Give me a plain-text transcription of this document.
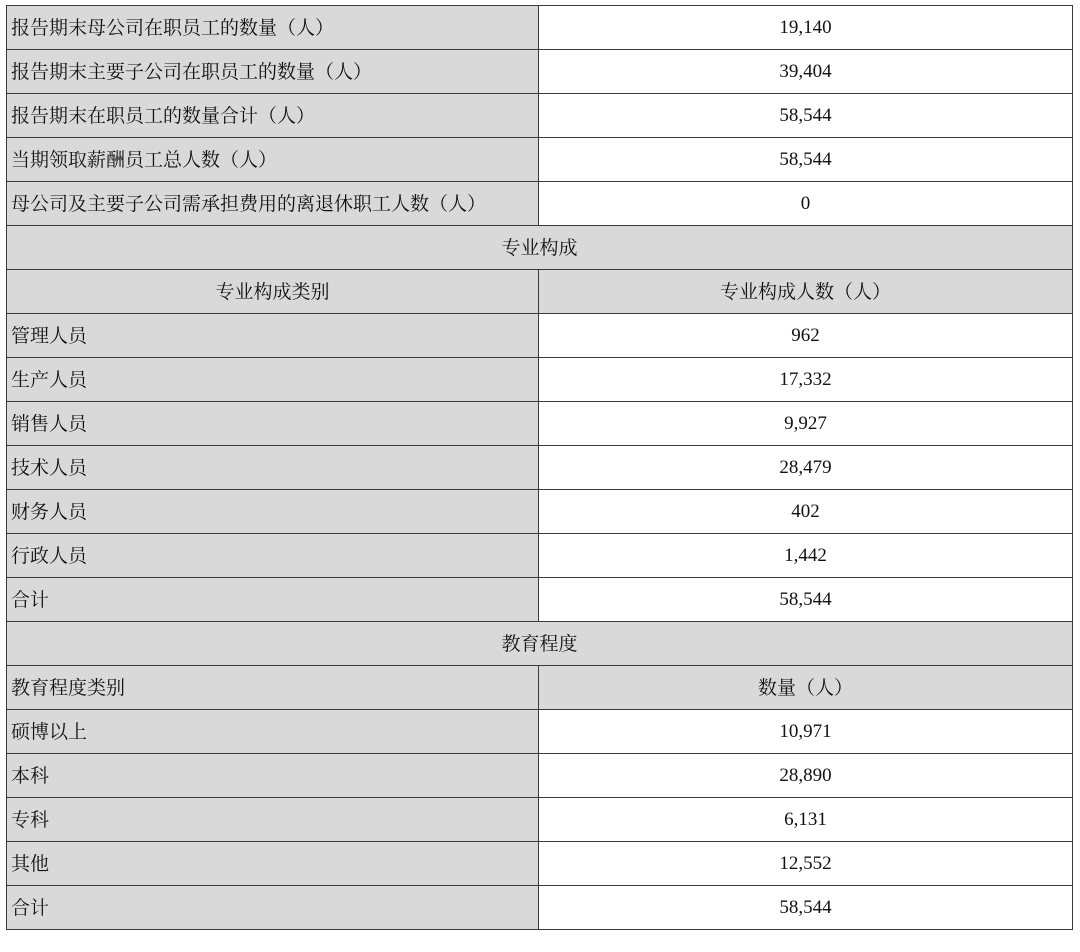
报告期末母公司在职员工的数量（人）	19,140
报告期末主要子公司在职员工的数量（人）	39,404
报告期末在职员工的数量合计（人）	58,544
当期领取薪酬员工总人数（人）	58,544
母公司及主要子公司需承担费用的离退休职工人数（人）	0
专业构成	
专业构成类别	专业构成人数（人）
管理人员	962
生产人员	17,332
销售人员	9,927
技术人员	28,479
财务人员	402
行政人员	1,442
合计	58,544
教育程度	
教育程度类别	数量（人）
硕博以上	10,971
本科	28,890
专科	6,131
其他	12,552
合计	58,544
